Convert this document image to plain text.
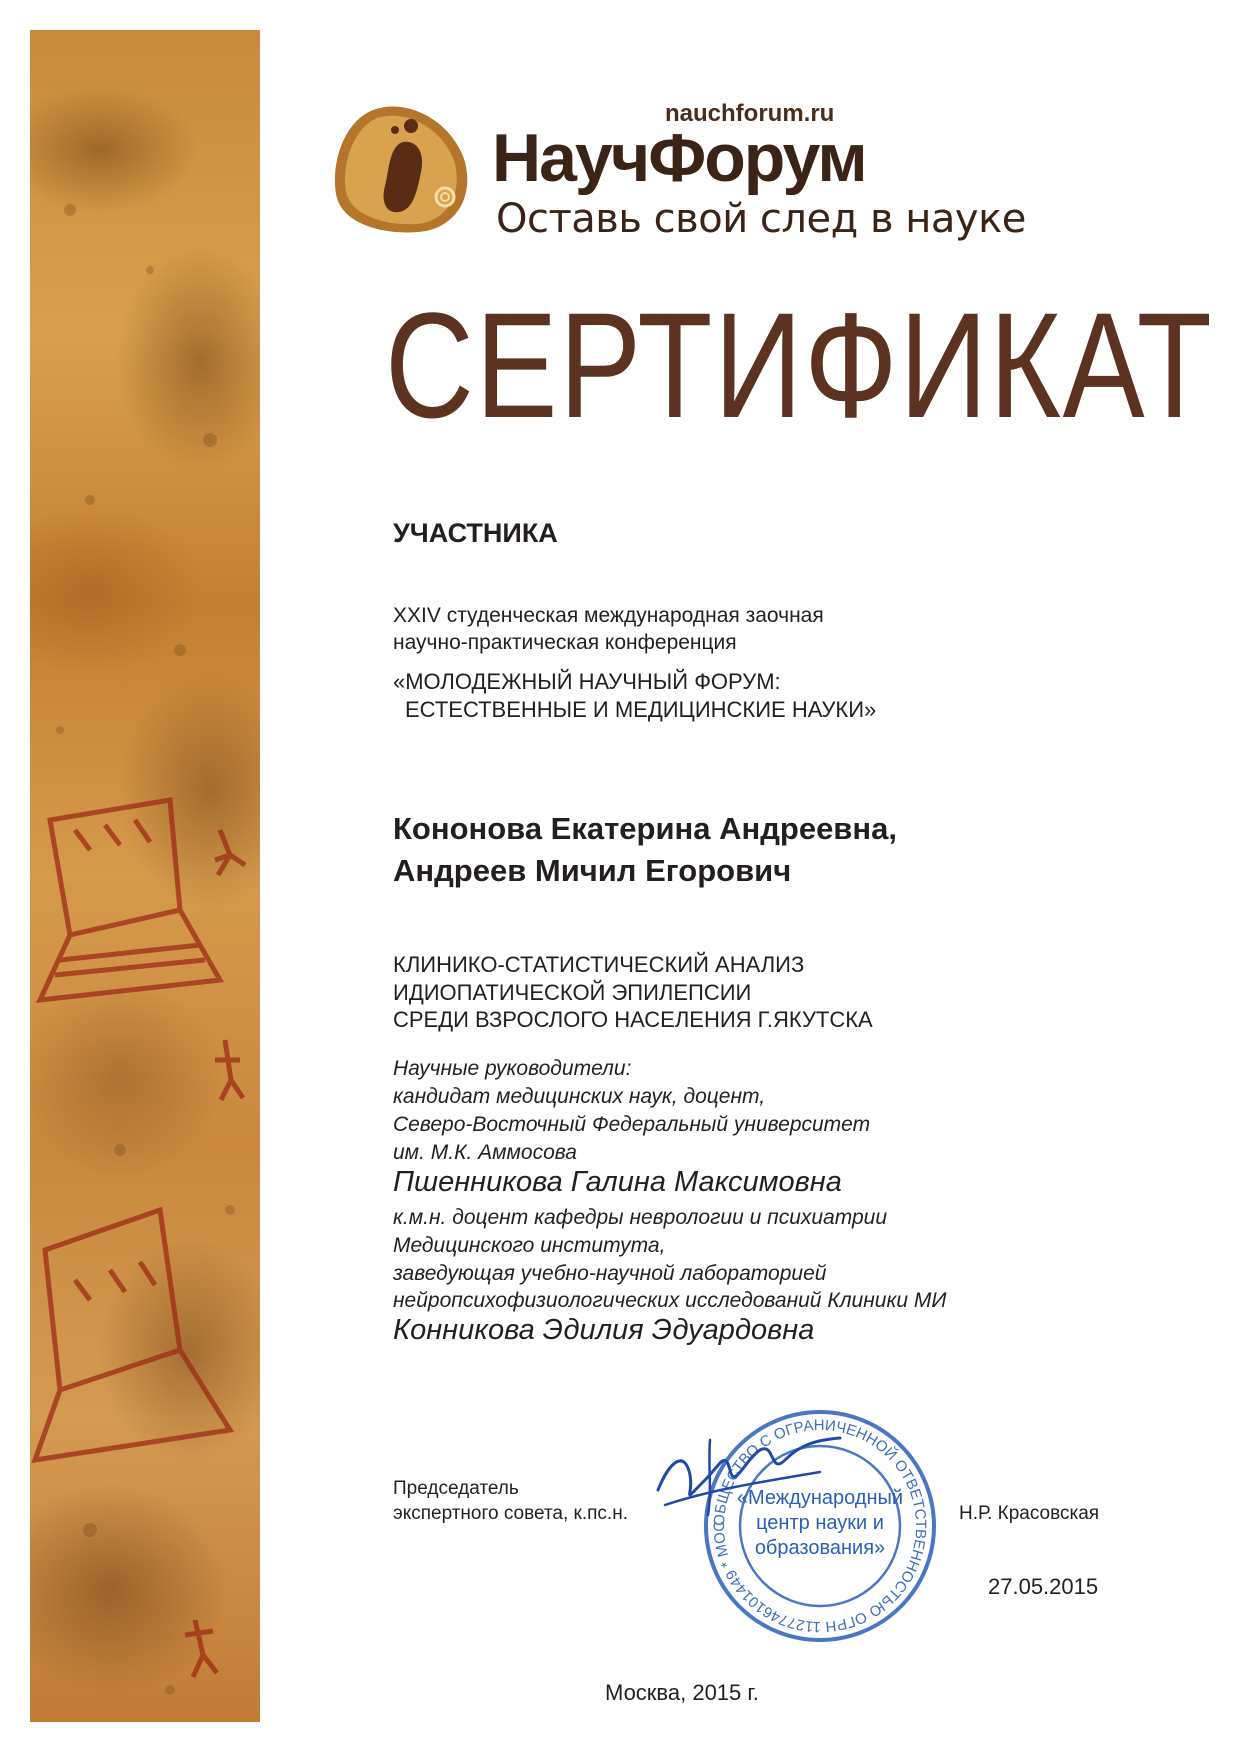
nauchforum.ru
НаучФорум
Оставь свой след в науке
СЕРТИФИКАТ
УЧАСТНИКА
XXIV студенческая международная заочная
научно-практическая конференция
«МОЛОДЕЖНЫЙ НАУЧНЫЙ ФОРУМ:
ЕСТЕСТВЕННЫЕ И МЕДИЦИНСКИЕ НАУКИ»
Кононова Екатерина Андреевна,
Андреев Мичил Егорович
КЛИНИКО-СТАТИСТИЧЕСКИЙ АНАЛИЗ
ИДИОПАТИЧЕСКОЙ ЭПИЛЕПСИИ
СРЕДИ ВЗРОСЛОГО НАСЕЛЕНИЯ Г.ЯКУТСКА
Научные руководители:
кандидат медицинских наук, доцент,
Северо-Восточный Федеральный университет
им. М.К. Аммосова
Пшенникова Галина Максимовна
к.м.н. доцент кафедры неврологии и психиатрии
Медицинского института,
заведующая учебно-научной лабораторией
нейропсихофизиологических исследований Клиники МИ
Конникова Эдилия Эдуардовна
Председатель
экспертного совета, к.пс.н.	Н.Р. Красовская
ОБЩЕСТВО С ОГРАНИЧЕННОЙ ОТВЕТСТВЕННОСТЬЮ ОГРН 1127746101449 * МОС
«Международный
центр науки и
образования»
27.05.2015
Москва, 2015 г.
